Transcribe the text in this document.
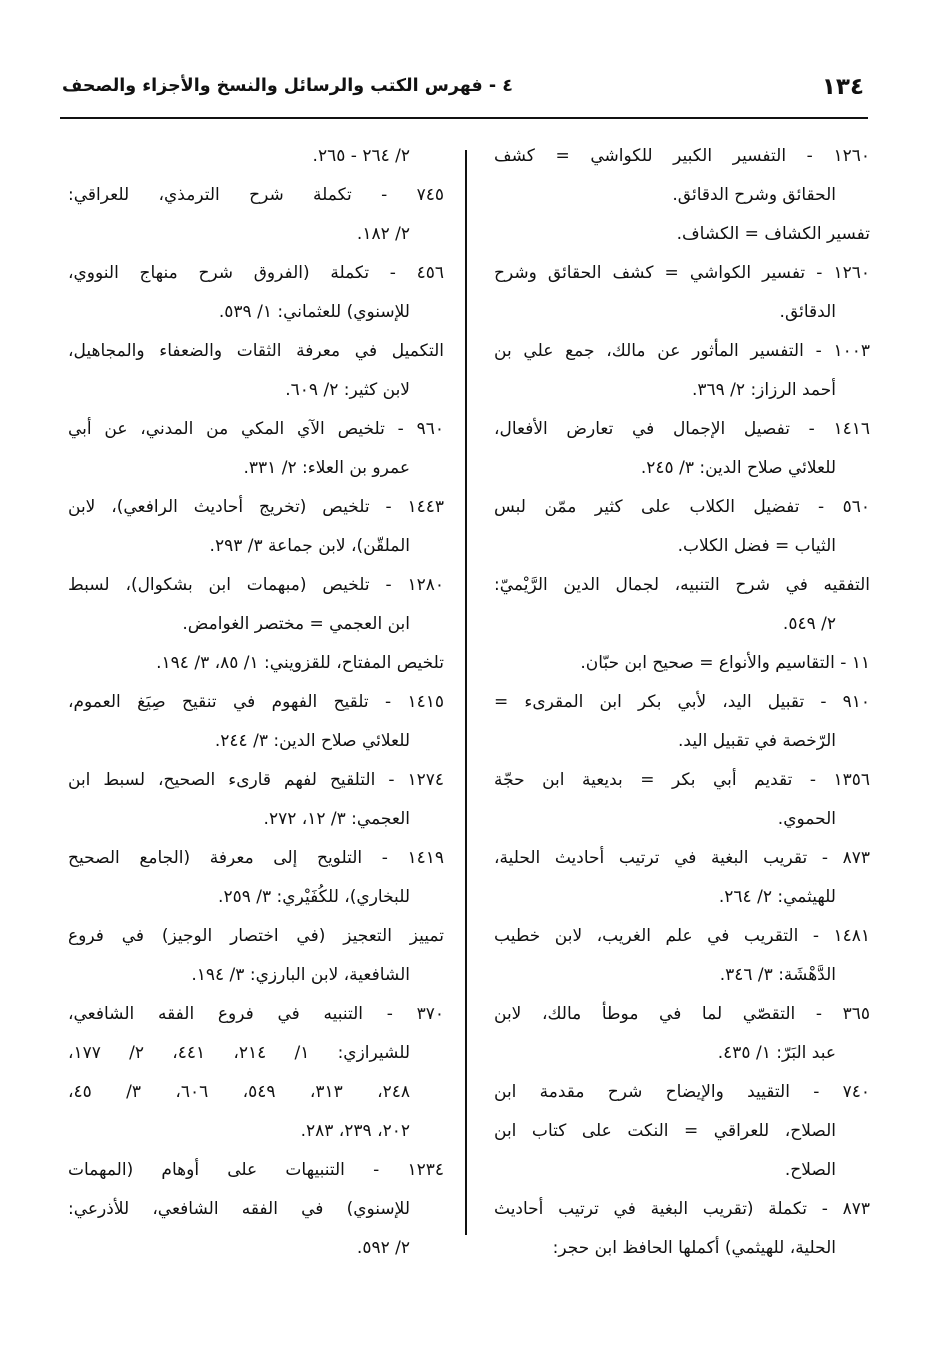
١٣٤
٤ - فهرس الكتب والرسائل والنسخ والأجزاء والصحف
١٢٦٠ - التفسير الكبير للكواشي = كشف
الحقائق وشرح الدقائق.
تفسير الكشاف = الكشاف.
١٢٦٠ - تفسير الكواشي = كشف الحقائق وشرح
الدقائق.
١٠٠٣ - التفسير المأثور عن مالك، جمع علي بن
أحمد الرزاز: ٢/ ٣٦٩.
١٤١٦ - تفصيل الإجمال في تعارض الأفعال،
للعلائي صلاح الدين: ٣/ ٢٤٥.
٥٦٠ - تفضيل الكلاب على كثير ممّن لبس
الثياب = فضل الكلاب.
التفقيه في شرح التنبيه، لجمال الدين الرَّيْميّ:
٢/ ٥٤٩.
١١ - التقاسيم والأنواع = صحيح ابن حبّان.
٩١٠ - تقبيل اليد، لأبي بكر ابن المقرىء =
الرّخصة في تقبيل اليد.
١٣٥٦ - تقديم أبي بكر = بديعية ابن حجّة
الحموي.
٨٧٣ - تقريب البغية في ترتيب أحاديث الحلية،
للهيثمي: ٢/ ٢٦٤.
١٤٨١ - التقريب في علم الغريب، لابن خطيب
الدَّهْشَة: ٣/ ٣٤٦.
٣٦٥ - التقصّي لما في موطأ مالك، لابن
عبد البَرّ: ١/ ٤٣٥.
٧٤٠ - التقييد والإيضاح شرح مقدمة ابن
الصلاح، للعراقي = النكت على كتاب ابن
الصلاح.
٨٧٣ - تكملة (تقريب البغية في ترتيب أحاديث
الحلية، للهيثمي) أكملها الحافظ ابن حجر:
٢/ ٢٦٤ - ٢٦٥.
٧٤٥ - تكملة شرح الترمذي، للعراقي:
٢/ ١٨٢.
٤٥٦ - تكملة (الفروق شرح منهاج النووي،
للإسنوي) للعثماني: ١/ ٥٣٩.
التكميل في معرفة الثقات والضعفاء والمجاهيل،
لابن كثير: ٢/ ٦٠٩.
٩٦٠ - تلخيص الآي المكي من المدني، عن أبي
عمرو بن العلاء: ٢/ ٣٣١.
١٤٤٣ - تلخيص (تخريج أحاديث الرافعي)، لابن
الملقّن)، لابن جماعة ٣/ ٢٩٣.
١٢٨٠ - تلخيص (مبهمات ابن بشكوال)، لسبط
ابن العجمي = مختصر الغوامض.
تلخيص المفتاح، للقزويني: ١/ ٨٥، ٣/ ١٩٤.
١٤١٥ - تلقيح الفهوم في تنقيح صِيَغ العموم،
للعلائي صلاح الدين: ٣/ ٢٤٤.
١٢٧٤ - التلقيح لفهم قارىء الصحيح، لسبط ابن
العجمي: ٣/ ١٢، ٢٧٢.
١٤١٩ - التلويح إلى معرفة (الجامع الصحيح
للبخاري)، للكُفَيْري: ٣/ ٢٥٩.
تمييز التعجيز (في اختصار الوجيز) في فروع
الشافعية، لابن البارزي: ٣/ ١٩٤.
٣٧٠ - التنبيه في فروع الفقه الشافعي،
للشيرازي: ١/ ٢١٤، ٤٤١، ٢/ ١٧٧،
٢٤٨، ٣١٣، ٥٤٩، ٦٠٦، ٣/ ٤٥،
٢٠٢، ٢٣٩، ٢٨٣.
١٢٣٤ - التنبيهات على أوهام (المهمات
للإسنوي) في الفقه الشافعي، للأذرعي:
٢/ ٥٩٢.
